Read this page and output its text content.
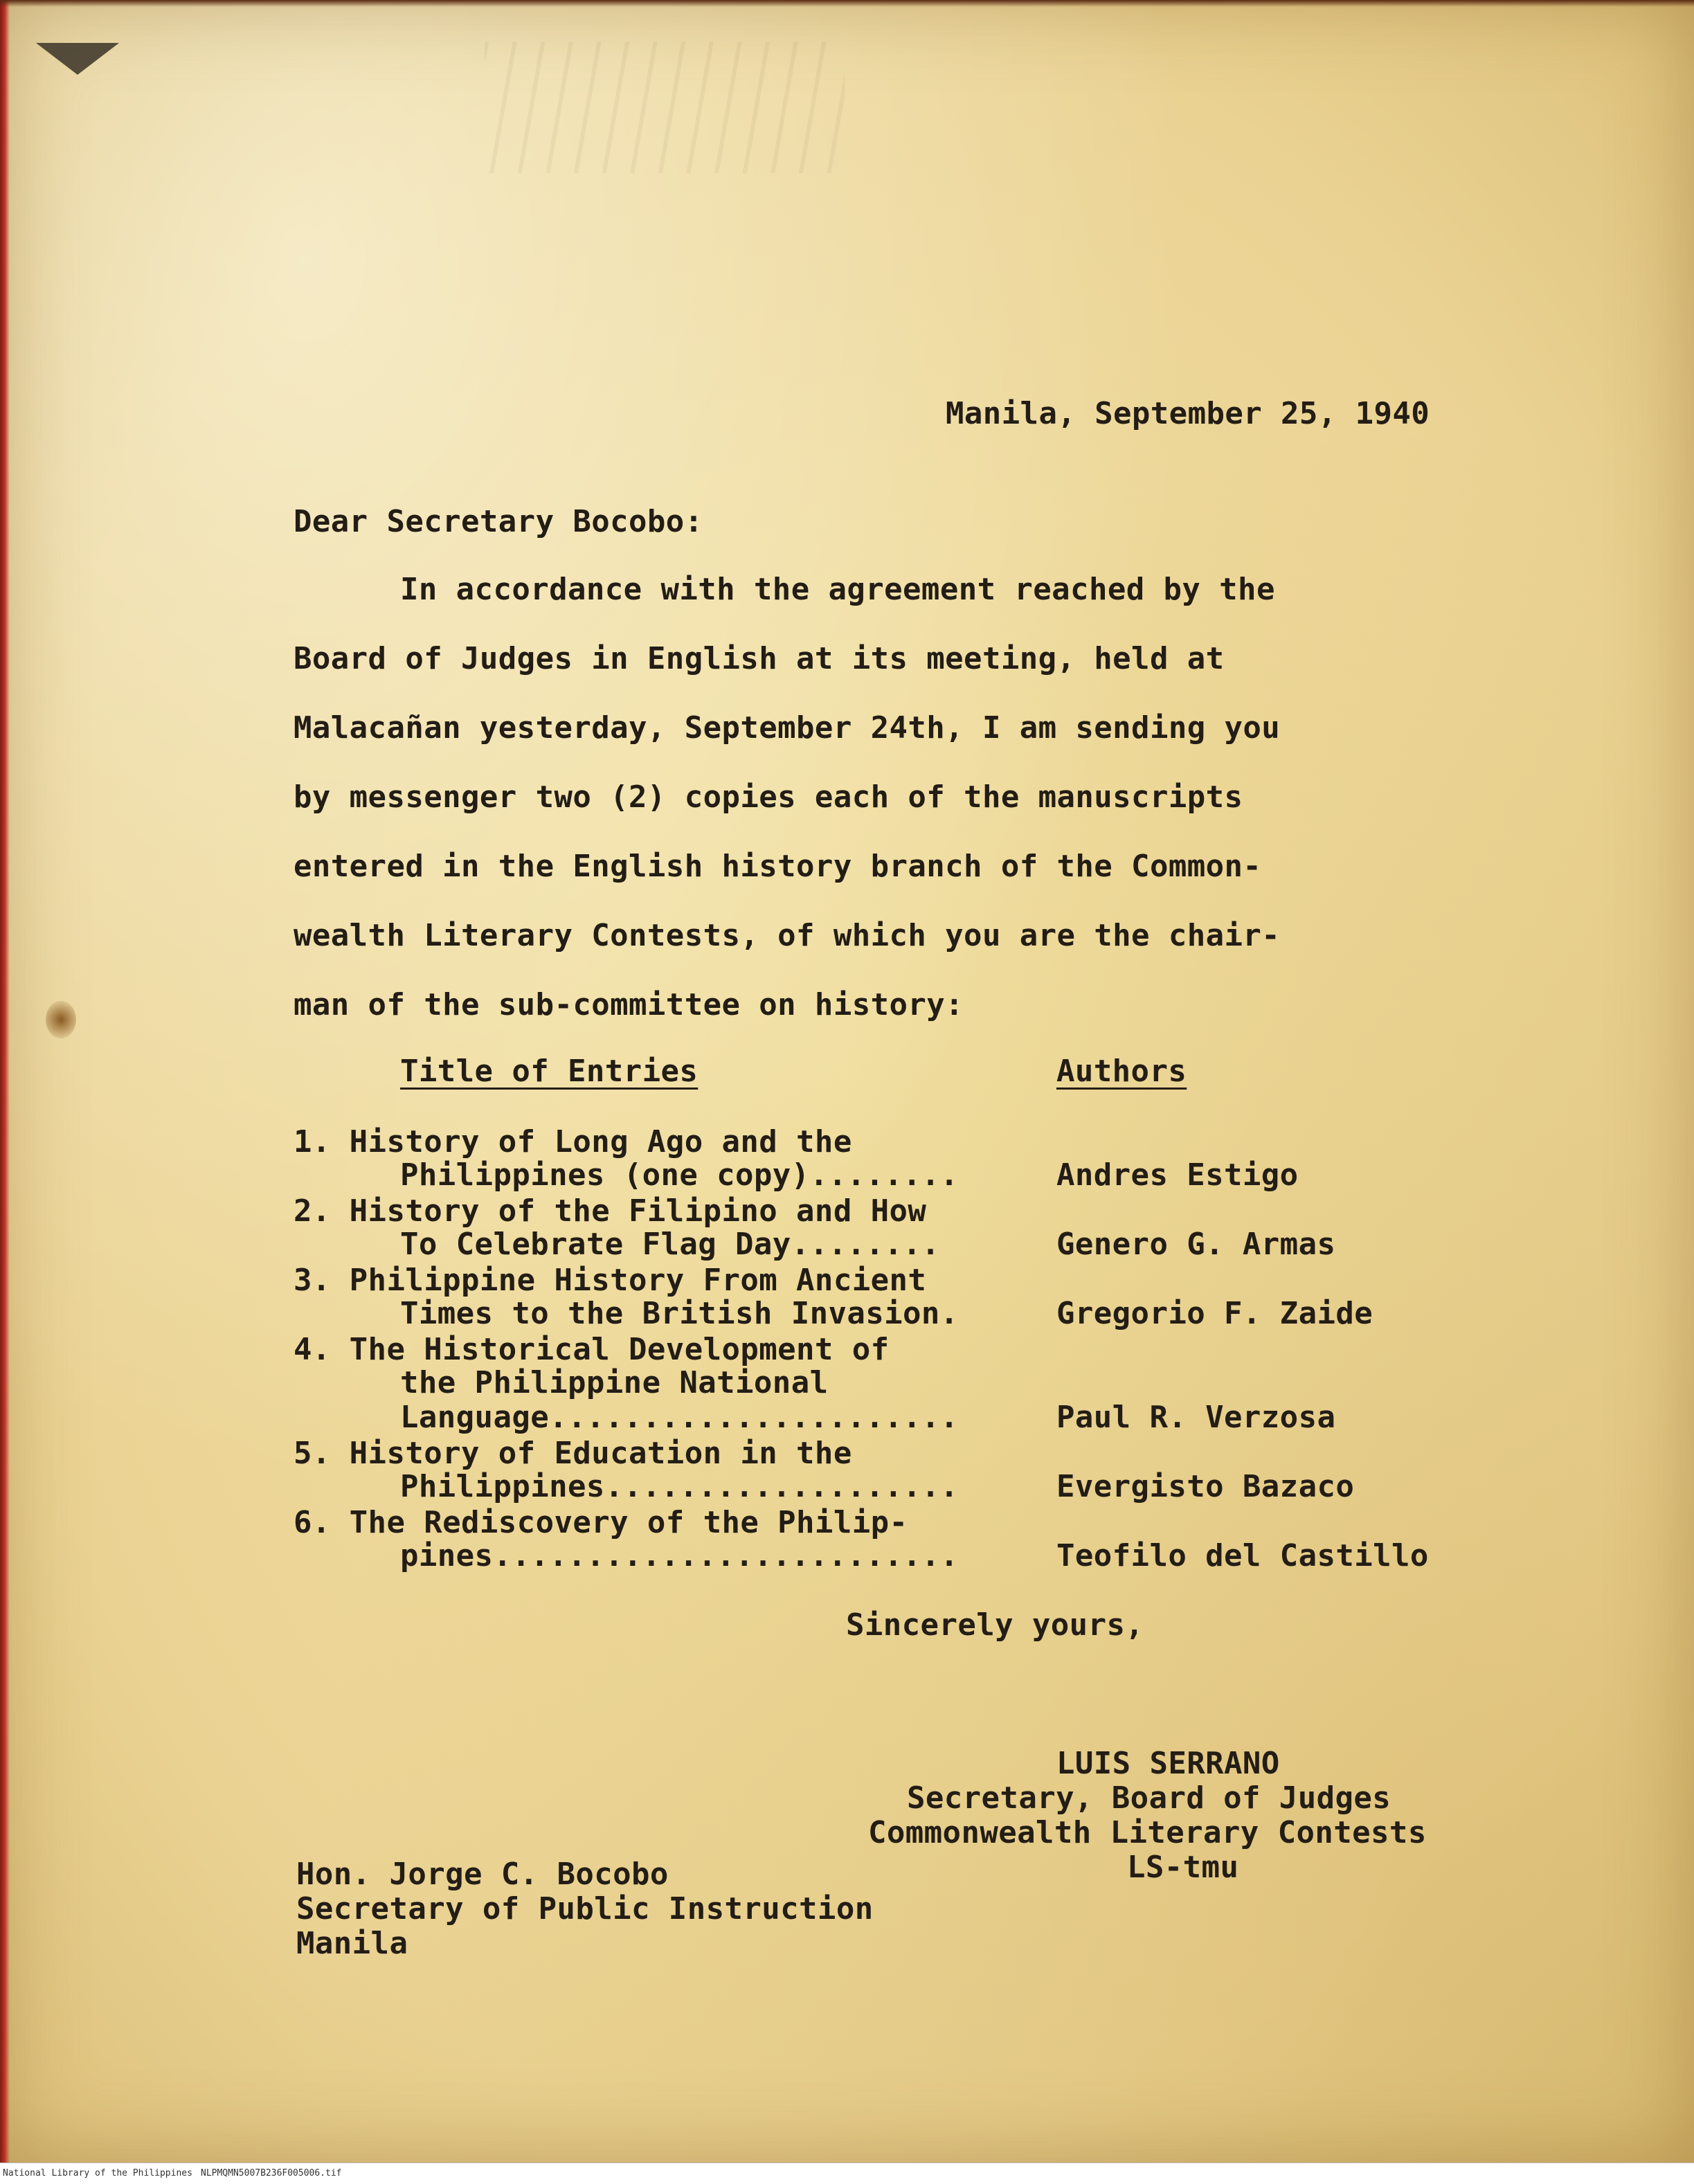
Manila, September 25, 1940
Dear Secretary Bocobo:
In accordance with the agreement reached by the
Board of Judges in English at its meeting, held at
Malacañan yesterday, September 24th, I am sending you
by messenger two (2) copies each of the manuscripts
entered in the English history branch of the Common-
wealth Literary Contests, of which you are the chair-
man of the sub-committee on history:
Title of Entries	Authors
1. History of Long Ago and the
Philippines (one copy)........	Andres Estigo
2. History of the Filipino and How
To Celebrate Flag Day........	Genero G. Armas
3. Philippine History From Ancient
Times to the British Invasion.	Gregorio F. Zaide
4. The Historical Development of
the Philippine National
Language......................	Paul R. Verzosa
5. History of Education in the
Philippines...................	Evergisto Bazaco
6. The Rediscovery of the Philip-
pines.........................	Teofilo del Castillo
Sincerely yours,
LUIS SERRANO
Secretary, Board of Judges
Commonwealth Literary Contests
LS-tmu
Hon. Jorge C. Bocobo
Secretary of Public Instruction
Manila
National Library of the Philippines NLPMQMN5007B236F005006.tif
